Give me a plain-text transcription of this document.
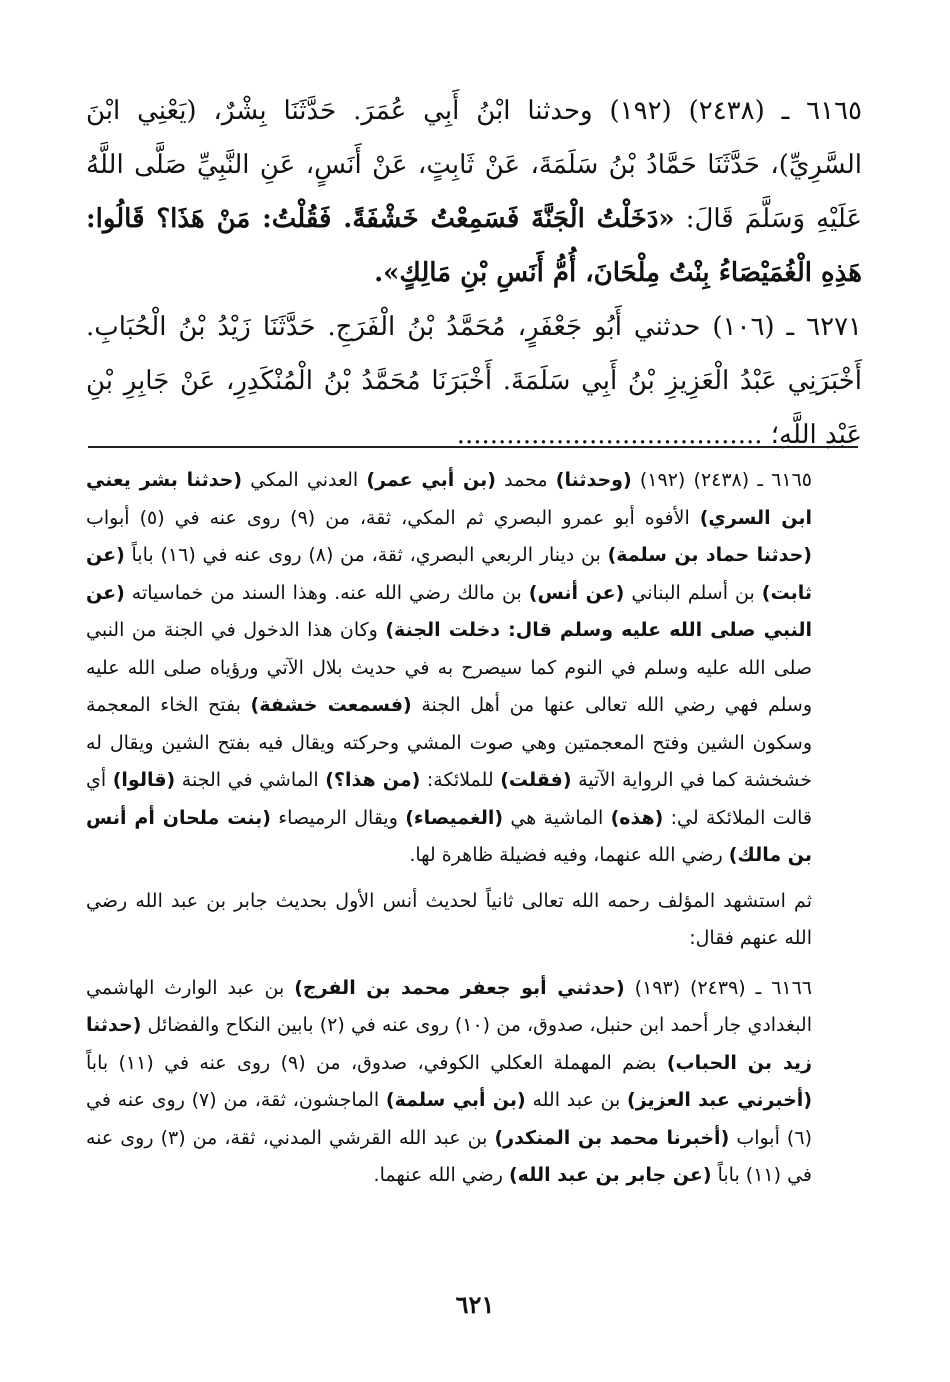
٦١٦٥ ـ (٢٤٣٨) (١٩٢) وحدثنا ابْنُ أَبِي عُمَرَ. حَدَّثَنَا بِشْرٌ، (يَعْنِي ابْنَ السَّرِيِّ)، حَدَّثَنَا حَمَّادُ بْنُ سَلَمَةَ، عَنْ ثَابِتٍ، عَنْ أَنَسٍ، عَنِ النَّبِيِّ صَلَّى اللَّهُ عَلَيْهِ وَسَلَّمَ قَالَ: «دَخَلْتُ الْجَنَّةَ فَسَمِعْتُ خَشْفَةً. فَقُلْتُ: مَنْ هَذَا؟ قَالُوا: هَذِهِ الْغُمَيْصَاءُ بِنْتُ مِلْحَانَ، أُمُّ أَنَسِ بْنِ مَالِكٍ».

٦٢٧١ ـ (١٠٦) حدثني أَبُو جَعْفَرٍ، مُحَمَّدُ بْنُ الْفَرَجِ. حَدَّثَنَا زَيْدُ بْنُ الْحُبَابِ. أَخْبَرَنِي عَبْدُ الْعَزِيزِ بْنُ أَبِي سَلَمَةَ. أَخْبَرَنَا مُحَمَّدُ بْنُ الْمُنْكَدِرِ، عَنْ جَابِرِ بْنِ عَبْدِ اللَّهِ؛ .....................................

٦١٦٥ ـ (٢٤٣٨) (١٩٢) (وحدثنا) محمد (بن أبي عمر) العدني المكي (حدثنا بشر يعني ابن السري) الأفوه أبو عمرو البصري ثم المكي، ثقة، من (٩) روى عنه في (٥) أبواب (حدثنا حماد بن سلمة) بن دينار الربعي البصري، ثقة، من (٨) روى عنه في (١٦) باباً (عن ثابت) بن أسلم البناني (عن أنس) بن مالك رضي الله عنه. وهذا السند من خماسياته (عن النبي صلى الله عليه وسلم قال: دخلت الجنة) وكان هذا الدخول في الجنة من النبي صلى الله عليه وسلم في النوم كما سيصرح به في حديث بلال الآتي ورؤياه صلى الله عليه وسلم فهي رضي الله تعالى عنها من أهل الجنة (فسمعت خشفة) بفتح الخاء المعجمة وسكون الشين وفتح المعجمتين وهي صوت المشي وحركته ويقال فيه بفتح الشين ويقال له خشخشة كما في الرواية الآتية (فقلت) للملائكة: (من هذا؟) الماشي في الجنة (قالوا) أي قالت الملائكة لي: (هذه) الماشية هي (الغميصاء) ويقال الرميصاء (بنت ملحان أم أنس بن مالك) رضي الله عنهما، وفيه فضيلة ظاهرة لها.

ثم استشهد المؤلف رحمه الله تعالى ثانياً لحديث أنس الأول بحديث جابر بن عبد الله رضي الله عنهم فقال:

٦١٦٦ ـ (٢٤٣٩) (١٩٣) (حدثني أبو جعفر محمد بن الفرج) بن عبد الوارث الهاشمي البغدادي جار أحمد ابن حنبل، صدوق، من (١٠) روى عنه في (٢) بابين النكاح والفضائل (حدثنا زيد بن الحباب) بضم المهملة العكلي الكوفي، صدوق، من (٩) روى عنه في (١١) باباً (أخبرني عبد العزيز) بن عبد الله (بن أبي سلمة) الماجشون، ثقة، من (٧) روى عنه في (٦) أبواب (أخبرنا محمد بن المنكدر) بن عبد الله القرشي المدني، ثقة، من (٣) روى عنه في (١١) باباً (عن جابر بن عبد الله) رضي الله عنهما.

٦٢١
